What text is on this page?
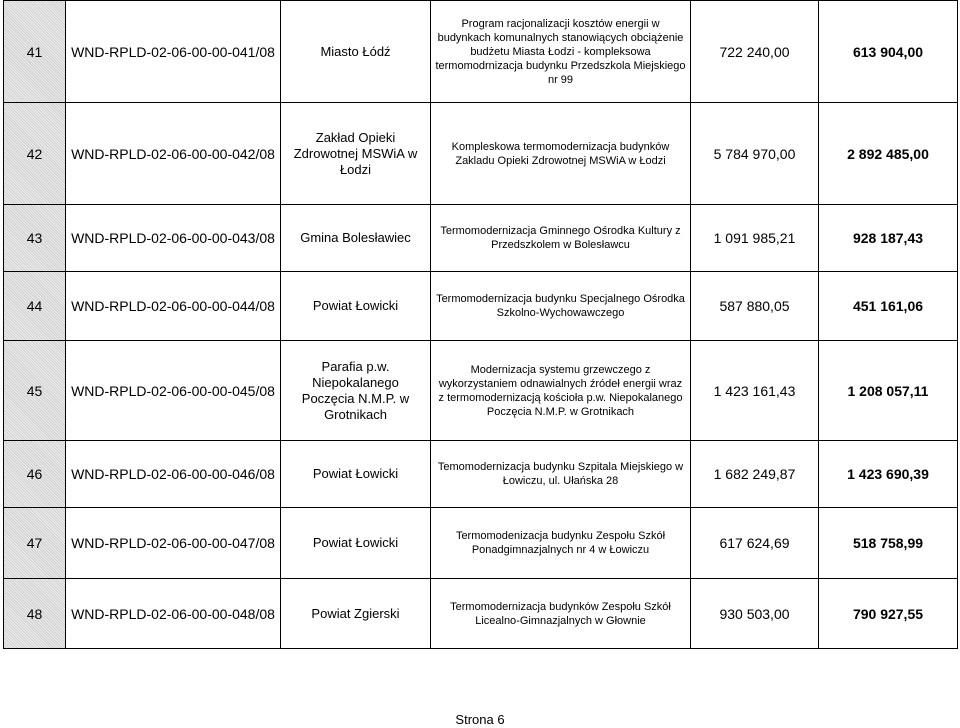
41	WND-RPLD-02-06-00-00-041/08	Miasto Łódź	Program racjonalizacji kosztów energii w budynkach komunalnych stanowiących obciążenie budżetu Miasta Łodzi - kompleksowa termomodrnizacja budynku Przedszkola Miejskiego nr 99	722 240,00	613 904,00
42	WND-RPLD-02-06-00-00-042/08	Zakład Opieki Zdrowotnej MSWiA w Łodzi	Kompleskowa termomodernizacja budynków Zakladu Opieki Zdrowotnej MSWiA w Łodzi	5 784 970,00	2 892 485,00
43	WND-RPLD-02-06-00-00-043/08	Gmina Bolesławiec	Termomodernizacja Gminnego Ośrodka Kultury z Przedszkolem w Bolesławcu	1 091 985,21	928 187,43
44	WND-RPLD-02-06-00-00-044/08	Powiat Łowicki	Termomodernizacja budynku Specjalnego Ośrodka Szkolno-Wychowawczego	587 880,05	451 161,06
45	WND-RPLD-02-06-00-00-045/08	Parafia p.w. Niepokalanego Poczęcia N.M.P. w Grotnikach	Modernizacja systemu grzewczego z wykorzystaniem odnawialnych źródeł energii wraz z termomodernizacją kościoła p.w. Niepokalanego Poczęcia N.M.P. w Grotnikach	1 423 161,43	1 208 057,11
46	WND-RPLD-02-06-00-00-046/08	Powiat Łowicki	Temomodernizacja budynku Szpitala Miejskiego w Łowiczu, ul. Ułańska 28	1 682 249,87	1 423 690,39
47	WND-RPLD-02-06-00-00-047/08	Powiat Łowicki	Termomodenizacja budynku Zespołu Szkół Ponadgimnazjalnych nr 4 w Łowiczu	617 624,69	518 758,99
48	WND-RPLD-02-06-00-00-048/08	Powiat Zgierski	Termomodernizacja budynków Zespołu Szkół Licealno-Gimnazjalnych w Głownie	930 503,00	790 927,55
Strona 6
